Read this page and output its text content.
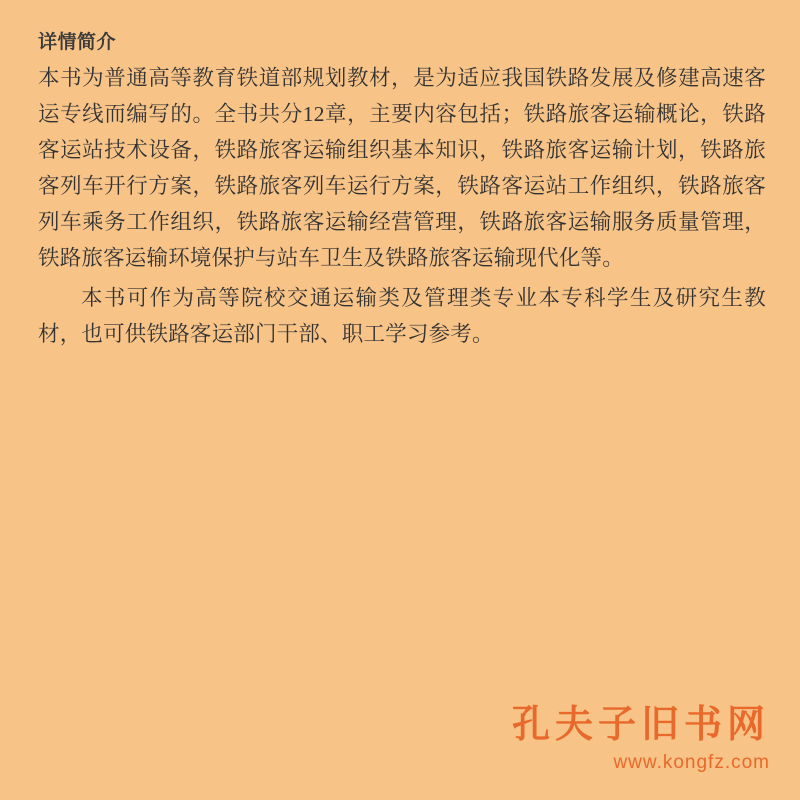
详情简介

本书为普通高等教育铁道部规划教材，是为适应我国铁路发展及修建高速客运专线而编写的。全书共分12章，主要内容包括；铁路旅客运输概论，铁路客运站技术设备，铁路旅客运输组织基本知识，铁路旅客运输计划，铁路旅客列车开行方案，铁路旅客列车运行方案，铁路客运站工作组织，铁路旅客列车乘务工作组织，铁路旅客运输经营管理，铁路旅客运输服务质量管理，铁路旅客运输环境保护与站车卫生及铁路旅客运输现代化等。

本书可作为高等院校交通运输类及管理类专业本专科学生及研究生教材，也可供铁路客运部门干部、职工学习参考。

孔夫子旧书网
www.kongfz.com
